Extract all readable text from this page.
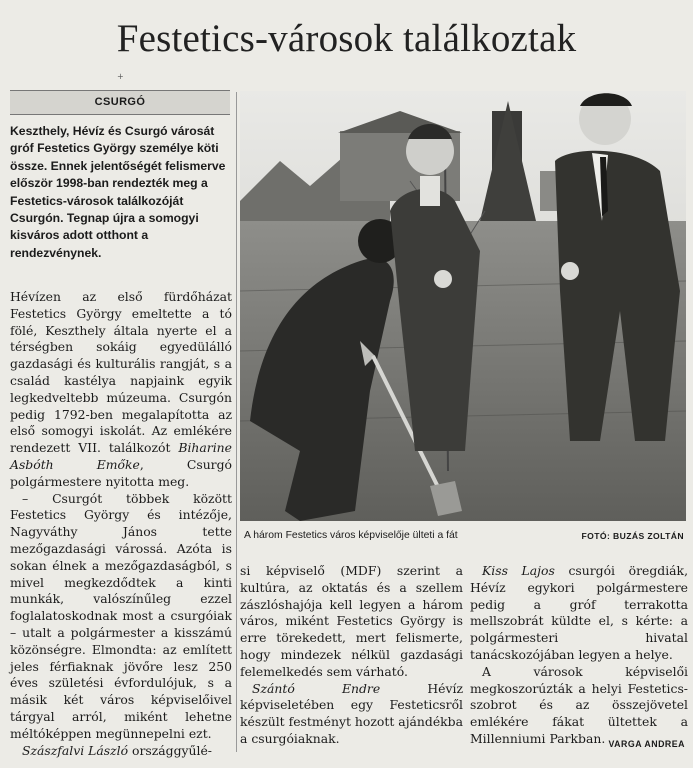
Festetics-városok találkoztak
+
CSURGÓ

Keszthely, Hévíz és Csurgó városát gróf Festetics György személye köti össze. Ennek jelentőségét felismerve először 1998-ban rendezték meg a Festetics-városok találkozóját Csurgón. Tegnap újra a somogyi kisváros adott otthont a rendezvénynek.

Hévízen az első fürdőházat Festetics György emeltette a tó fölé, Keszthely általa nyerte el a térségben sokáig egyedülálló gazdasági és kulturális rangját, s a család kastélya napjaink egyik legkedveltebb múzeuma. Csurgón pedig 1792-ben megalapította az első somogyi iskolát. Az emlékére rendezett VII. találkozót Biharine Asbóth Emőke, Csurgó polgármestere nyitotta meg.

– Csurgót többek között Festetics György és intézője, Nagyváthy János tette mezőgazdasági várossá. Azóta is sokan élnek a mezőgazdaságból, s mivel megkezdődtek a kinti munkák, valószínűleg ezzel foglalatoskodnak most a csurgóiak – utalt a polgármester a kisszámú közönségre. Elmondta: az említett jeles férfiaknak jövőre lesz 250 éves születési évfordulójuk, s a másik két város képviselőivel tárgyal arról, miként lehetne méltóképpen megünnepelni ezt.

Szászfalvi László országgyűlé-

A három Festetics város képviselője ülteti a fát	FOTÓ: BUZÁS ZOLTÁN

si képviselő (MDF) szerint a kultúra, az oktatás és a szellem zászlóshajója kell legyen a három város, miként Festetics György is erre törekedett, mert felismerte, hogy mindezek nélkül gazdasági felemelkedés sem várható.

Szántó Endre Hévíz képviseletében egy Festeticsről készült festményt hozott ajándékba a csurgóiaknak.

Kiss Lajos csurgói öregdiák, Hévíz egykori polgármestere pedig a gróf terrakotta mellszobrát küldte el, s kérte: a polgármesteri hivatal tanácskozójában legyen a helye.

A városok képviselői megkoszorúzták a helyi Festetics-szobrot és az összejövetel emlékére fákat ültettek a Millenniumi Parkban. VARGA ANDREA
